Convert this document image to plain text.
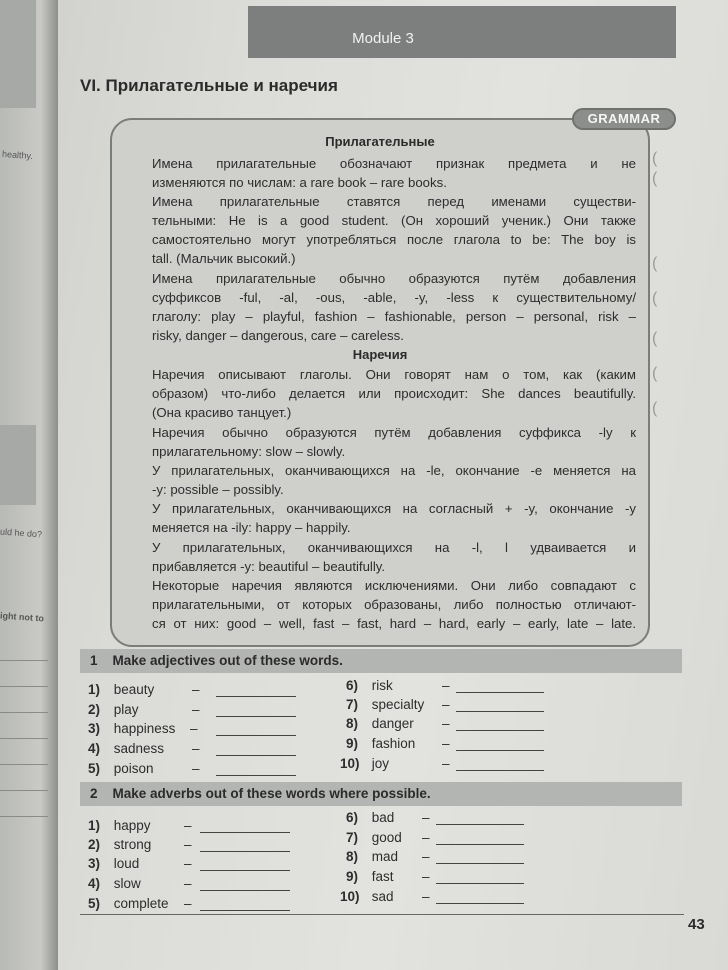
healthy.
uld he do?
ight not to
Module 3
VI. Прилагательные и наречия
GRAMMAR
Прилагательные
Имена прилагательные обозначают признак предмета и не
изменяются по числам: a rare book – rare books.
Имена прилагательные ставятся перед именами существи-
тельными: He is a good student. (Он хороший ученик.) Они также
самостоятельно могут употребляться после глагола to be: The boy is
tall. (Мальчик высокий.)
Имена прилагательные обычно образуются путём добавления
суффиксов -ful, -al, -ous, -able, -y, -less к существительному/
глаголу: play – playful, fashion – fashionable, person – personal, risk –
risky, danger – dangerous, care – careless.
Наречия
Наречия описывают глаголы. Они говорят нам о том, как (каким
образом) что-либо делается или происходит: She dances beautifully.
(Она красиво танцует.)
Наречия обычно образуются путём добавления суффикса -ly к
прилагательному: slow – slowly.
У прилагательных, оканчивающихся на -le, окончание -e меняется на
-y: possible – possibly.
У прилагательных, оканчивающихся на согласный + -y, окончание -y
меняется на -ily: happy – happily.
У прилагательных, оканчивающихся на -l, l удваивается и
прибавляется -y: beautiful – beautifully.
Некоторые наречия являются исключениями. Они либо совпадают с
прилагательными, от которых образованы, либо полностью отличают-
ся от них: good – well, fast – fast, hard – hard, early – early, late – late.
(
(
(
(
(
(
(
1 Make adjectives out of these words.
1) beauty
2) play
3) happiness
4) sadness
5) poison
–
–
–
–
–
6) risk
7) specialty
8) danger
9) fashion
10) joy
–
–
–
–
–
2 Make adverbs out of these words where possible.
1) happy
2) strong
3) loud
4) slow
5) complete
–
–
–
–
–
6) bad
7) good
8) mad
9) fast
10) sad
–
–
–
–
–
43
